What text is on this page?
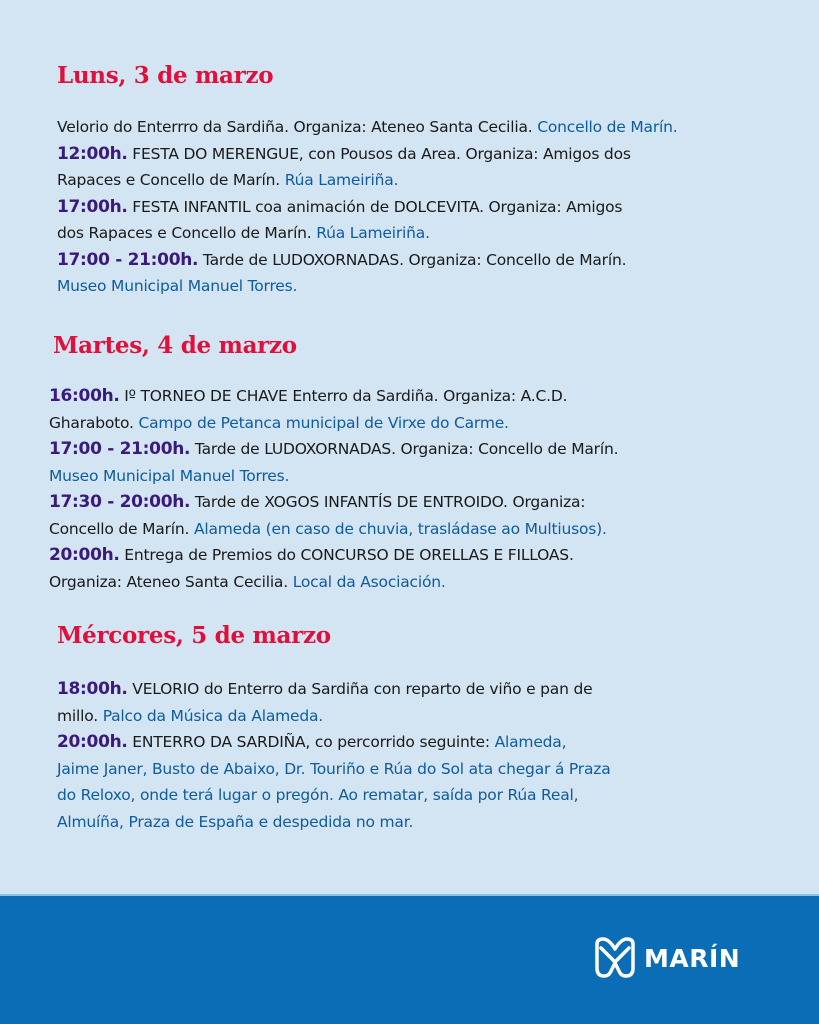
Luns, 3 de marzo
Velorio do Enterrro da Sardiña. Organiza: Ateneo Santa Cecilia. Concello de Marín.
12:00h. FESTA DO MERENGUE, con Pousos da Area. Organiza: Amigos dos
Rapaces e Concello de Marín. Rúa Lameiriña.
17:00h. FESTA INFANTIL coa animación de DOLCEVITA. Organiza: Amigos
dos Rapaces e Concello de Marín. Rúa Lameiriña.
17:00 - 21:00h. Tarde de LUDOXORNADAS. Organiza: Concello de Marín.
Museo Municipal Manuel Torres.
Martes, 4 de marzo
16:00h. Iº TORNEO DE CHAVE Enterro da Sardiña. Organiza: A.C.D.
Gharaboto. Campo de Petanca municipal de Virxe do Carme.
17:00 - 21:00h. Tarde de LUDOXORNADAS. Organiza: Concello de Marín.
Museo Municipal Manuel Torres.
17:30 - 20:00h. Tarde de XOGOS INFANTÍS DE ENTROIDO. Organiza:
Concello de Marín. Alameda (en caso de chuvia, trasládase ao Multiusos).
20:00h. Entrega de Premios do CONCURSO DE ORELLAS E FILLOAS.
Organiza: Ateneo Santa Cecilia. Local da Asociación.
Mércores, 5 de marzo
18:00h. VELORIO do Enterro da Sardiña con reparto de viño e pan de
millo. Palco da Música da Alameda.
20:00h. ENTERRO DA SARDIÑA, co percorrido seguinte: Alameda,
Jaime Janer, Busto de Abaixo, Dr. Touriño e Rúa do Sol ata chegar á Praza
do Reloxo, onde terá lugar o pregón. Ao rematar, saída por Rúa Real,
Almuíña, Praza de España e despedida no mar.
MARÍN
